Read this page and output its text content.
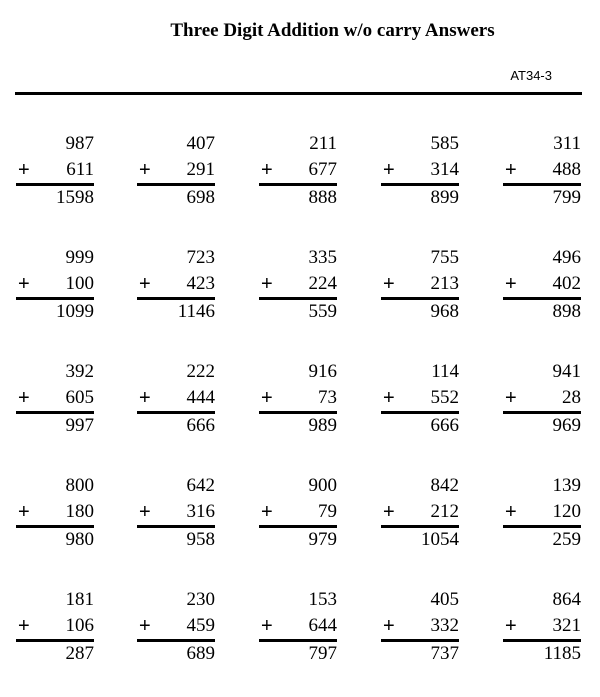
Three Digit Addition w/o carry Answers
AT34-3
987
+ 611
1598
407
+ 291
698
211
+ 677
888
585
+ 314
899
311
+ 488
799
999
+ 100
1099
723
+ 423
1146
335
+ 224
559
755
+ 213
968
496
+ 402
898
392
+ 605
997
222
+ 444
666
916
+ 73
989
114
+ 552
666
941
+ 28
969
800
+ 180
980
642
+ 316
958
900
+ 79
979
842
+ 212
1054
139
+ 120
259
181
+ 106
287
230
+ 459
689
153
+ 644
797
405
+ 332
737
864
+ 321
1185
